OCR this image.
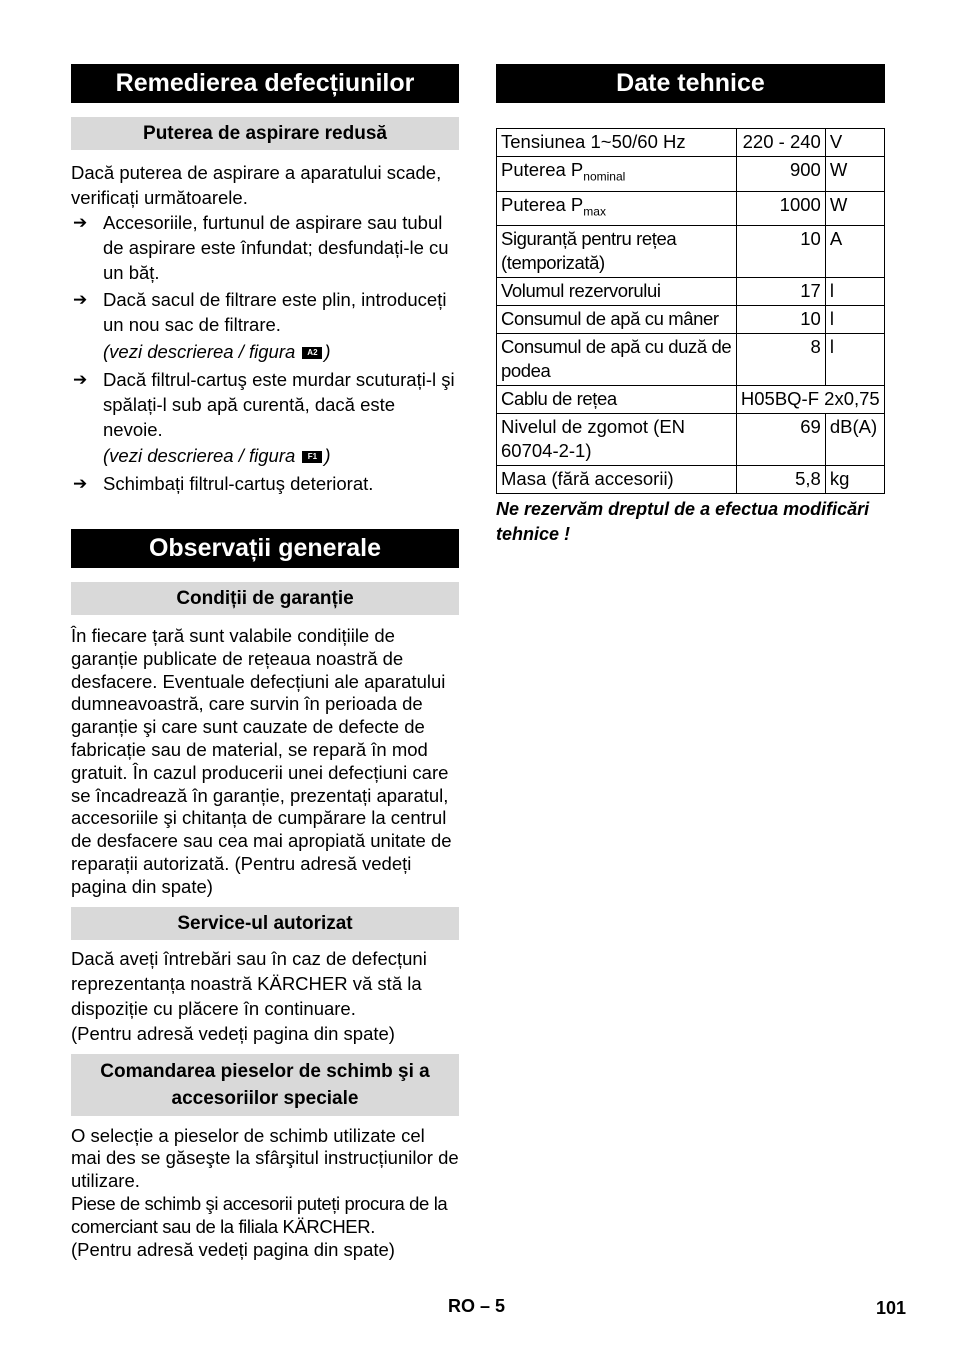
Remedierea defecțiunilor
Puterea de aspirare redusă

Dacă puterea de aspirare a aparatului scade, verificați următoarele.

➔ Accesoriile, furtunul de aspirare sau tubul de aspirare este înfundat; desfundați-le cu un băț.
➔ Dacă sacul de filtrare este plin, introduceți un nou sac de filtrare.
(vezi descrierea / figura A2 )
➔ Dacă filtrul-cartuş este murdar scuturați-l şi spălați-l sub apă curentă, dacă este nevoie.
(vezi descrierea / figura F1 )
➔ Schimbați filtrul-cartuş deteriorat.
Observații generale
Condiții de garanție

În fiecare țară sunt valabile condițiile de garanție publicate de rețeaua noastră de desfacere. Eventuale defecțiuni ale aparatului dumneavoastră, care survin în perioada de garanție şi care sunt cauzate de defecte de fabricație sau de material, se repară în mod gratuit. În cazul producerii unei defecțiuni care se încadrează în garanție, prezentați aparatul, accesoriile şi chitanța de cumpărare la centrul de desfacere sau cea mai apropiată unitate de reparații autorizată. (Pentru adresă vedeți pagina din spate)

Service-ul autorizat

Dacă aveți întrebări sau în caz de defecțuni reprezentanța noastră KÄRCHER vă stă la dispoziție cu plăcere în continuare.

(Pentru adresă vedeți pagina din spate)

Comandarea pieselor de schimb şi a accesoriilor speciale

O selecție a pieselor de schimb utilizate cel mai des se găseşte la sfârşitul instrucțiunilor de utilizare.

Piese de schimb şi accesorii puteți procura de la comerciant sau de la filiala KÄRCHER.

(Pentru adresă vedeți pagina din spate)

Date tehnice
Tensiunea 1~50/60 Hz	220 - 240	V
Puterea $P_{nominal}$	900	W
Puterea $P_{max}$	1000	W
Siguranță pentru rețea (temporizată)	10	A
Volumul rezervorului	17	l
Consumul de apă cu mâner	10	l
Consumul de apă cu duză de podea	8	l
Cablu de rețea	H05BQ-F 2x0,75	
Nivelul de zgomot (EN 60704-2-1)	69	dB(A)
Masa (fără accesorii)	5,8	kg
Ne rezervăm dreptul de a efectua modificări tehnice !
RO – 5	101
